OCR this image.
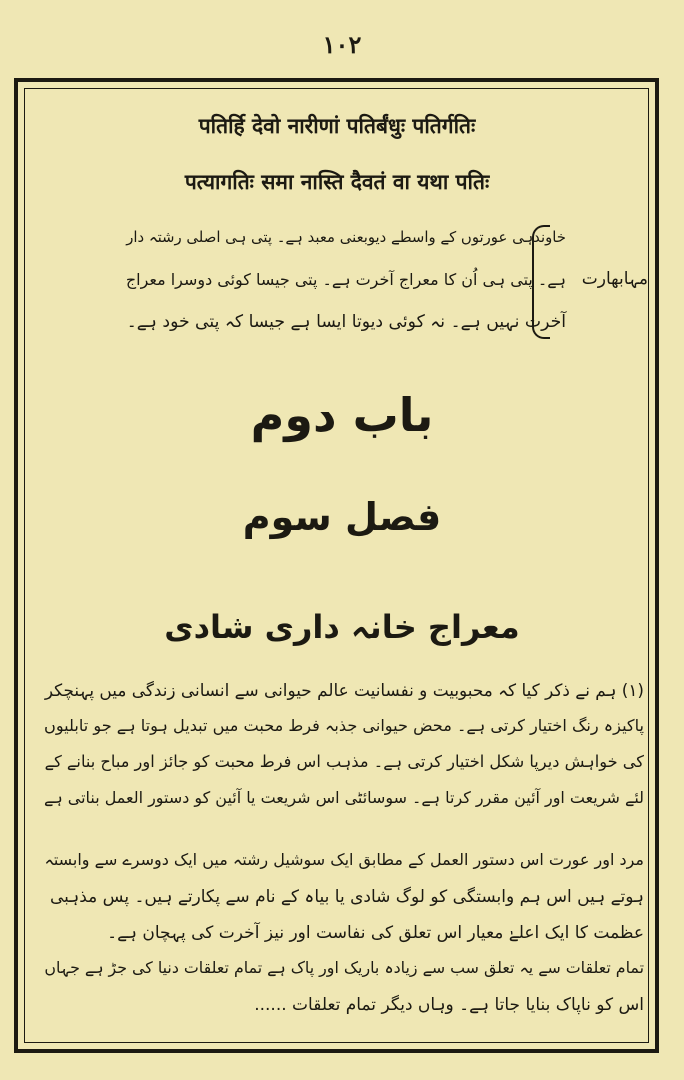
۱۰۲
पतिर्हि देवो नारीणां पतिर्बंधुः पतिर्गतिः
पत्यागतिः समा नास्ति दैवतं वा यथा पतिः
مہابھارت
خاوندہی عورتوں کے واسطے دیوبعنی معبد ہے۔ پتی ہی اصلی رشتہ دار
ہے۔ پتی ہی اُن کا معراج آخرت ہے۔ پتی جیسا کوئی دوسرا معراج
آخرت نہیں ہے۔ نہ کوئی دیوتا ایسا ہے جیسا کہ پتی خود ہے۔
باب دوم
فصل سوم
معراج خانہ داری شادی
(۱) ہم نے ذکر کیا کہ محبوبیت و نفسانیت عالم حیوانی سے انسانی زندگی میں پہنچکر
پاکیزہ رنگ اختیار کرتی ہے۔ محض حیوانی جذبہ فرط محبت میں تبدیل ہوتا ہے جو تابلیوں
کی خواہش دیرپا شکل اختیار کرتی ہے۔ مذہب اس فرط محبت کو جائز اور مباح بنانے کے
لئے شریعت اور آئین مقرر کرتا ہے۔ سوسائٹی اس شریعت یا آئین کو دستور العمل بناتی ہے
مرد اور عورت اس دستور العمل کے مطابق ایک سوشیل رشتہ میں ایک دوسرے سے وابستہ
ہوتے ہیں اس ہم وابستگی کو لوگ شادی یا بیاہ کے نام سے پکارتے ہیں۔ پس مذہبی
عظمت کا ایک اعلےٰ معیار اس تعلق کی نفاست اور نیز آخرت کی پہچان ہے۔
تمام تعلقات سے یہ تعلق سب سے زیادہ باریک اور پاک ہے تمام تعلقات دنیا کی جڑ ہے جہاں
اس کو ناپاک بنایا جاتا ہے۔ وہاں دیگر تمام تعلقات ......
